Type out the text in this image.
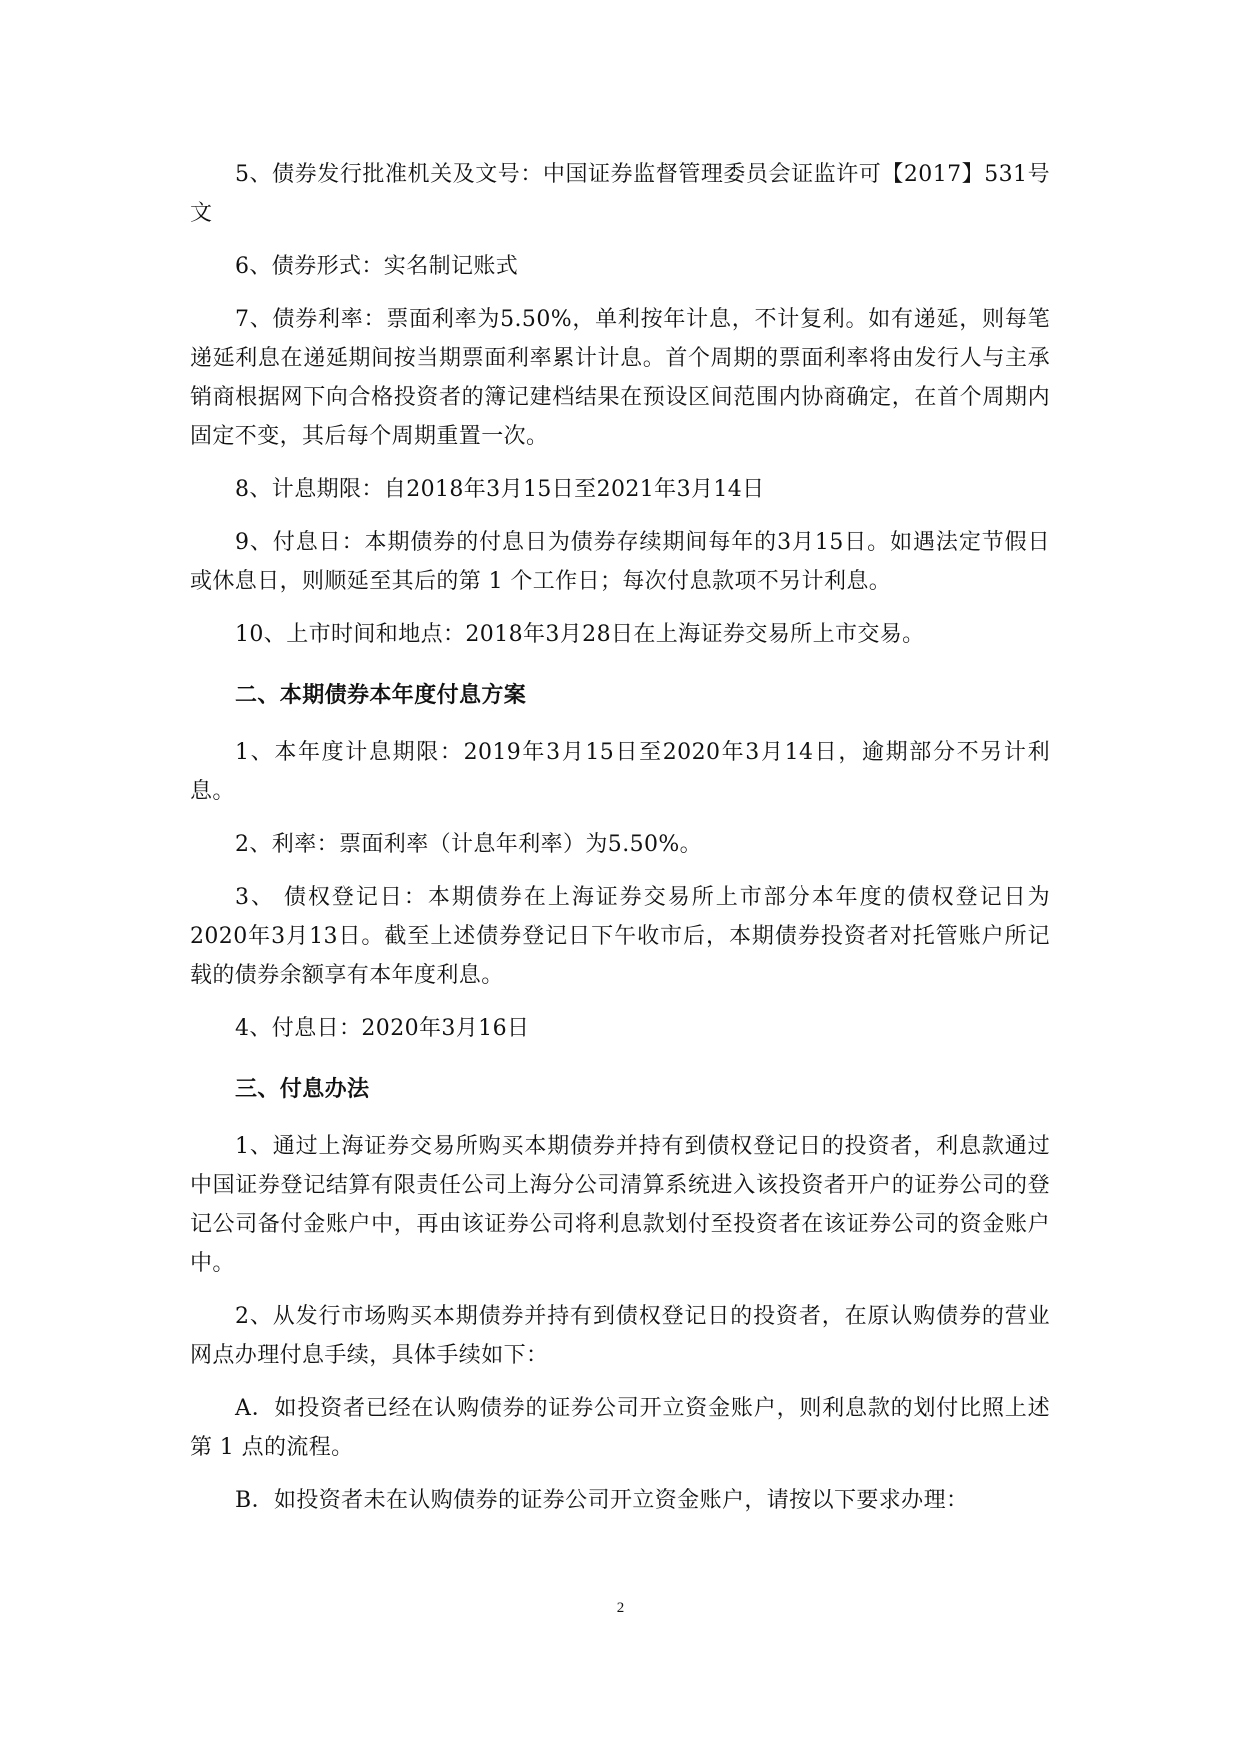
5、债券发行批准机关及文号：中国证券监督管理委员会证监许可【2017】531号文

6、债券形式：实名制记账式

7、债券利率：票面利率为5.50%，单利按年计息，不计复利。如有递延，则每笔递延利息在递延期间按当期票面利率累计计息。首个周期的票面利率将由发行人与主承销商根据网下向合格投资者的簿记建档结果在预设区间范围内协商确定，在首个周期内固定不变，其后每个周期重置一次。

8、计息期限：自2018年3月15日至2021年3月14日

9、付息日：本期债券的付息日为债券存续期间每年的3月15日。如遇法定节假日或休息日，则顺延至其后的第 1 个工作日；每次付息款项不另计利息。

10、上市时间和地点：2018年3月28日在上海证券交易所上市交易。

二、本期债券本年度付息方案

1、本年度计息期限：2019年3月15日至2020年3月14日，逾期部分不另计利息。

2、利率：票面利率（计息年利率）为5.50%。

3、 债权登记日：本期债券在上海证券交易所上市部分本年度的债权登记日为2020年3月13日。截至上述债券登记日下午收市后，本期债券投资者对托管账户所记载的债券余额享有本年度利息。

4、付息日：2020年3月16日

三、付息办法

1、通过上海证券交易所购买本期债券并持有到债权登记日的投资者，利息款通过中国证券登记结算有限责任公司上海分公司清算系统进入该投资者开户的证券公司的登记公司备付金账户中，再由该证券公司将利息款划付至投资者在该证券公司的资金账户中。

2、从发行市场购买本期债券并持有到债权登记日的投资者，在原认购债券的营业网点办理付息手续，具体手续如下：

A．如投资者已经在认购债券的证券公司开立资金账户，则利息款的划付比照上述第 1 点的流程。

B．如投资者未在认购债券的证券公司开立资金账户，请按以下要求办理：

2
